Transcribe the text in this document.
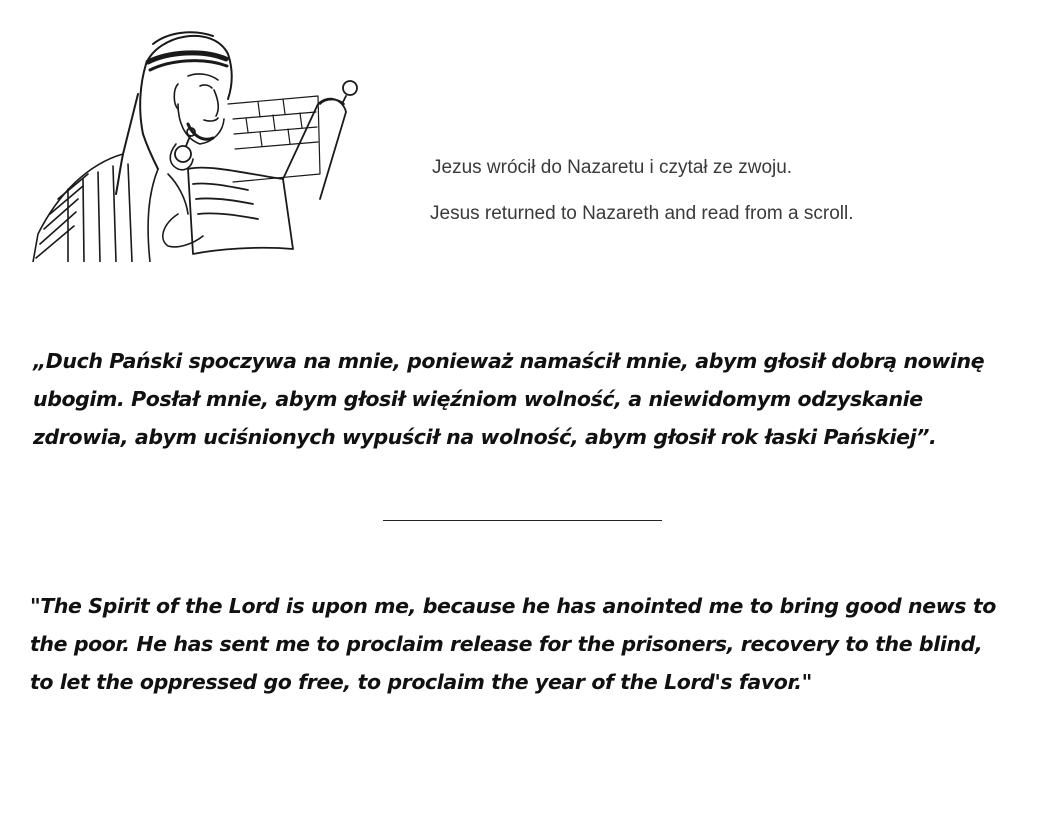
Jezus wrócił do Nazaretu i czytał ze zwoju.

Jesus returned to Nazareth and read from a scroll.

„Duch Pański spoczywa na mnie, ponieważ namaścił mnie, abym głosił dobrą nowinę
ubogim. Posłał mnie, abym głosił więźniom wolność, a niewidomym odzyskanie
zdrowia, abym uciśnionych wypuścił na wolność, abym głosił rok łaski Pańskiej”.
"The Spirit of the Lord is upon me, because he has anointed me to bring good news to
the poor. He has sent me to proclaim release for the prisoners, recovery to the blind,
to let the oppressed go free, to proclaim the year of the Lord's favor."
